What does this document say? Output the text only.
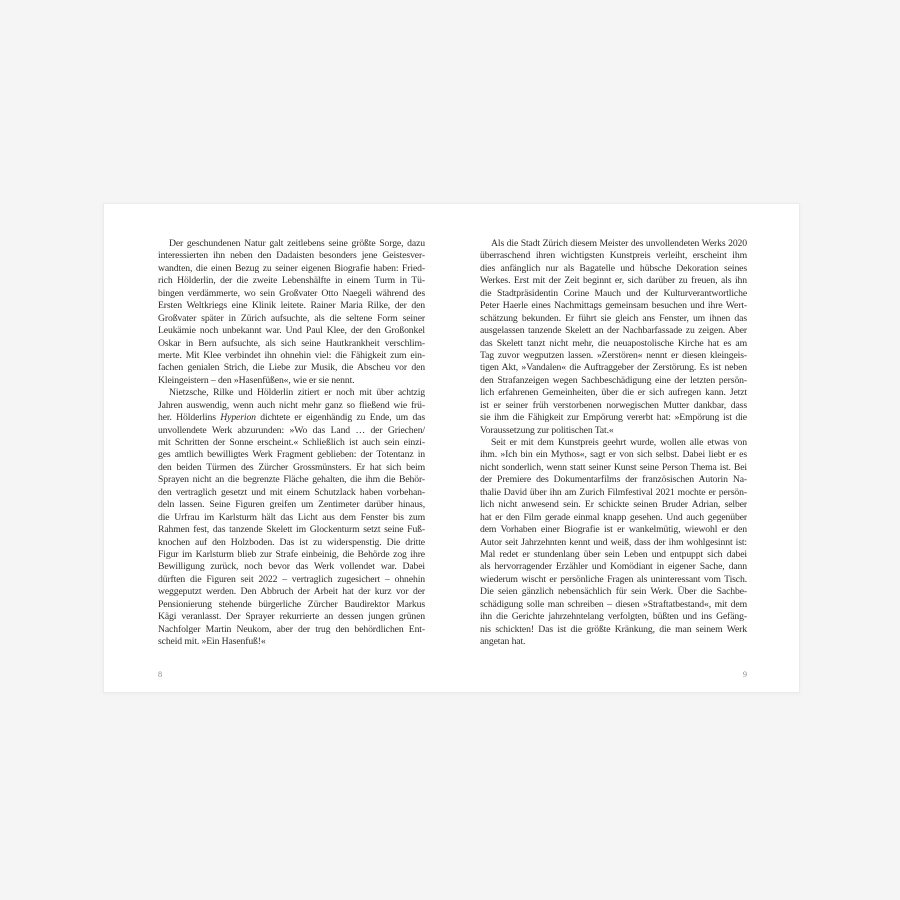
Der geschundenen Natur galt zeitlebens seine größte Sorge, dazu
interessierten ihn neben den Dadaisten besonders jene Geistesver-
wandten, die einen Bezug zu seiner eigenen Biografie haben: Fried-
rich Hölderlin, der die zweite Lebenshälfte in einem Turm in Tü-
bingen verdämmerte, wo sein Großvater Otto Naegeli während des
Ersten Weltkriegs eine Klinik leitete. Rainer Maria Rilke, der den
Großvater später in Zürich aufsuchte, als die seltene Form seiner
Leukämie noch unbekannt war. Und Paul Klee, der den Großonkel
Oskar in Bern aufsuchte, als sich seine Hautkrankheit verschlim-
merte. Mit Klee verbindet ihn ohnehin viel: die Fähigkeit zum ein-
fachen genialen Strich, die Liebe zur Musik, die Abscheu vor den
Kleingeistern – den »Hasenfüßen«, wie er sie nennt.
Nietzsche, Rilke und Hölderlin zitiert er noch mit über achtzig
Jahren auswendig, wenn auch nicht mehr ganz so fließend wie frü-
her. Hölderlins Hyperion dichtete er eigenhändig zu Ende, um das
unvollendete Werk abzurunden: »Wo das Land … der Griechen/
mit Schritten der Sonne erscheint.« Schließlich ist auch sein einzi-
ges amtlich bewilligtes Werk Fragment geblieben: der Totentanz in
den beiden Türmen des Zürcher Grossmünsters. Er hat sich beim
Sprayen nicht an die begrenzte Fläche gehalten, die ihm die Behör-
den vertraglich gesetzt und mit einem Schutzlack haben vorbehan-
deln lassen. Seine Figuren greifen um Zentimeter darüber hinaus,
die Urfrau im Karlsturm hält das Licht aus dem Fenster bis zum
Rahmen fest, das tanzende Skelett im Glockenturm setzt seine Fuß-
knochen auf den Holzboden. Das ist zu widerspenstig. Die dritte
Figur im Karlsturm blieb zur Strafe einbeinig, die Behörde zog ihre
Bewilligung zurück, noch bevor das Werk vollendet war. Dabei
dürften die Figuren seit 2022 – vertraglich zugesichert – ohnehin
weggeputzt werden. Den Abbruch der Arbeit hat der kurz vor der
Pensionierung stehende bürgerliche Zürcher Baudirektor Markus
Kägi veranlasst. Der Sprayer rekurrierte an dessen jungen grünen
Nachfolger Martin Neukom, aber der trug den behördlichen Ent-
scheid mit. »Ein Hasenfuß!«
Als die Stadt Zürich diesem Meister des unvollendeten Werks 2020
überraschend ihren wichtigsten Kunstpreis verleiht, erscheint ihm
dies anfänglich nur als Bagatelle und hübsche Dekoration seines
Werkes. Erst mit der Zeit beginnt er, sich darüber zu freuen, als ihn
die Stadtpräsidentin Corine Mauch und der Kulturverantwortliche
Peter Haerle eines Nachmittags gemeinsam besuchen und ihre Wert-
schätzung bekunden. Er führt sie gleich ans Fenster, um ihnen das
ausgelassen tanzende Skelett an der Nachbarfassade zu zeigen. Aber
das Skelett tanzt nicht mehr, die neuapostolische Kirche hat es am
Tag zuvor wegputzen lassen. »Zerstören« nennt er diesen kleingeis-
tigen Akt, »Vandalen« die Auftraggeber der Zerstörung. Es ist neben
den Strafanzeigen wegen Sachbeschädigung eine der letzten persön-
lich erfahrenen Gemeinheiten, über die er sich aufregen kann. Jetzt
ist er seiner früh verstorbenen norwegischen Mutter dankbar, dass
sie ihm die Fähigkeit zur Empörung vererbt hat: »Empörung ist die
Voraussetzung zur politischen Tat.«
Seit er mit dem Kunstpreis geehrt wurde, wollen alle etwas von
ihm. »Ich bin ein Mythos«, sagt er von sich selbst. Dabei liebt er es
nicht sonderlich, wenn statt seiner Kunst seine Person Thema ist. Bei
der Premiere des Dokumentarfilms der französischen Autorin Na-
thalie David über ihn am Zurich Filmfestival 2021 mochte er persön-
lich nicht anwesend sein. Er schickte seinen Bruder Adrian, selber
hat er den Film gerade einmal knapp gesehen. Und auch gegenüber
dem Vorhaben einer Biografie ist er wankelmütig, wiewohl er den
Autor seit Jahrzehnten kennt und weiß, dass der ihm wohlgesinnt ist:
Mal redet er stundenlang über sein Leben und entpuppt sich dabei
als hervorragender Erzähler und Komödiant in eigener Sache, dann
wiederum wischt er persönliche Fragen als uninteressant vom Tisch.
Die seien gänzlich nebensächlich für sein Werk. Über die Sachbe-
schädigung solle man schreiben – diesen »Straftatbestand«, mit dem
ihn die Gerichte jahrzehntelang verfolgten, büßten und ins Gefäng-
nis schickten! Das ist die größte Kränkung, die man seinem Werk
angetan hat.
8	9
